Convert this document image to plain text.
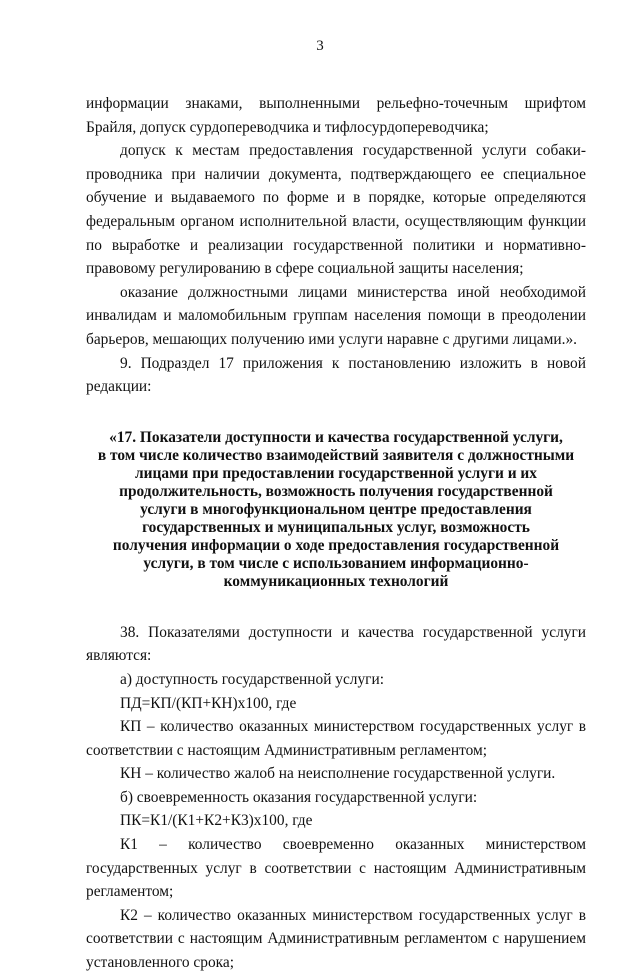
3

информации знаками, выполненными рельефно-точечным шрифтом Брайля, допуск сурдопереводчика и тифлосурдопереводчика;

допуск к местам предоставления государственной услуги собаки-проводника при наличии документа, подтверждающего ее специальное обучение и выдаваемого по форме и в порядке, которые определяются федеральным органом исполнительной власти, осуществляющим функции по выработке и реализации государственной политики и нормативно-правовому регулированию в сфере социальной защиты населения;

оказание должностными лицами министерства иной необходимой инвалидам и маломобильным группам населения помощи в преодолении барьеров, мешающих получению ими услуги наравне с другими лицами.».

9. Подраздел 17 приложения к постановлению изложить в новой редакции:

«17. Показатели доступности и качества государственной услуги,
в том числе количество взаимодействий заявителя с должностными
лицами при предоставлении государственной услуги и их
продолжительность, возможность получения государственной
услуги в многофункциональном центре предоставления
государственных и муниципальных услуг, возможность
получения информации о ходе предоставления государственной
услуги, в том числе с использованием информационно-
коммуникационных технологий

38. Показателями доступности и качества государственной услуги являются:

а) доступность государственной услуги:

ПД=КП/(КП+КН)х100, где

КП – количество оказанных министерством государственных услуг в соответствии с настоящим Административным регламентом;

КН – количество жалоб на неисполнение государственной услуги.

б) своевременность оказания государственной услуги:

ПК=К1/(К1+К2+К3)х100, где

К1 – количество своевременно оказанных министерством государственных услуг в соответствии с настоящим Административным регламентом;

К2 – количество оказанных министерством государственных услуг в соответствии с настоящим Административным регламентом с нарушением установленного срока;
